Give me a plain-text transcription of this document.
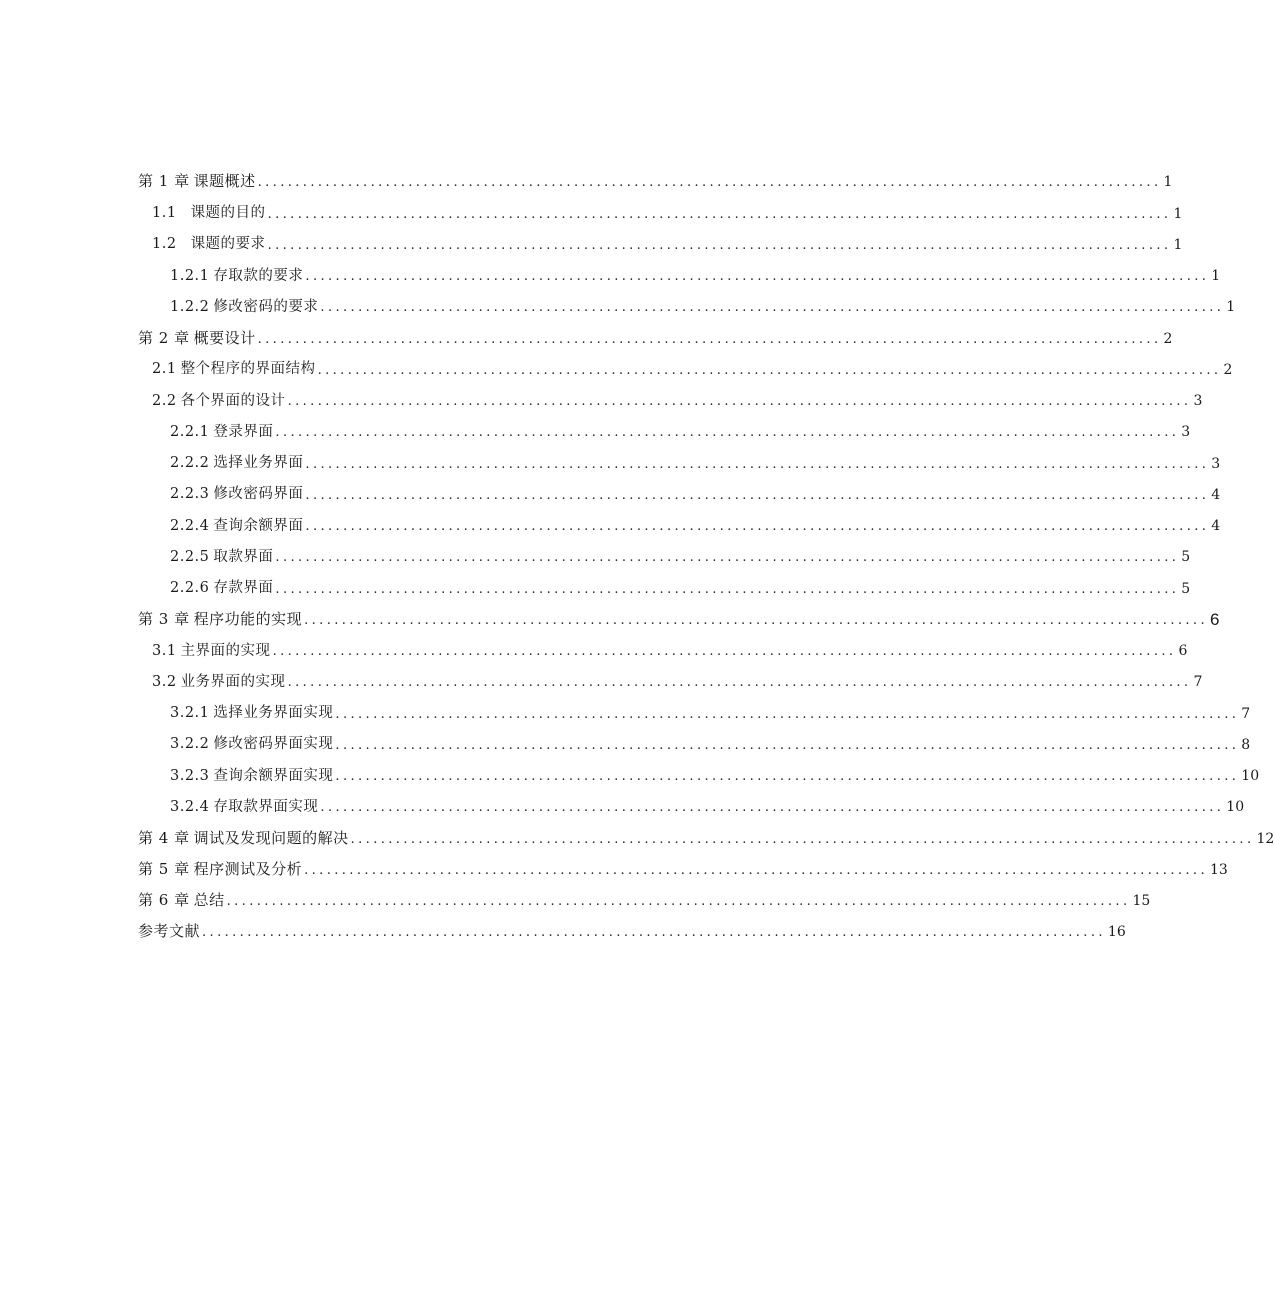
第 1 章 课题概述 ........................................................................................................................ 1
1.1 课题的目的 ........................................................................................................................ 1
1.2 课题的要求 ........................................................................................................................ 1
1.2.1 存取款的要求 ........................................................................................................................ 1
1.2.2 修改密码的要求 ........................................................................................................................ 1
第 2 章 概要设计 ........................................................................................................................ 2
2.1 整个程序的界面结构 ........................................................................................................................ 2
2.2 各个界面的设计 ........................................................................................................................ 3
2.2.1 登录界面 ........................................................................................................................ 3
2.2.2 选择业务界面 ........................................................................................................................ 3
2.2.3 修改密码界面 ........................................................................................................................ 4
2.2.4 查询余额界面 ........................................................................................................................ 4
2.2.5 取款界面 ........................................................................................................................ 5
2.2.6 存款界面 ........................................................................................................................ 5
第 3 章 程序功能的实现 ........................................................................................................................ 6
3.1 主界面的实现 ........................................................................................................................ 6
3.2 业务界面的实现 ........................................................................................................................ 7
3.2.1 选择业务界面实现 ........................................................................................................................ 7
3.2.2 修改密码界面实现 ........................................................................................................................ 8
3.2.3 查询余额界面实现 ........................................................................................................................ 10
3.2.4 存取款界面实现 ........................................................................................................................ 10
第 4 章 调试及发现问题的解决 ........................................................................................................................ 12
第 5 章 程序测试及分析 ........................................................................................................................ 13
第 6 章 总结 ........................................................................................................................ 15
参考文献 ........................................................................................................................ 16
